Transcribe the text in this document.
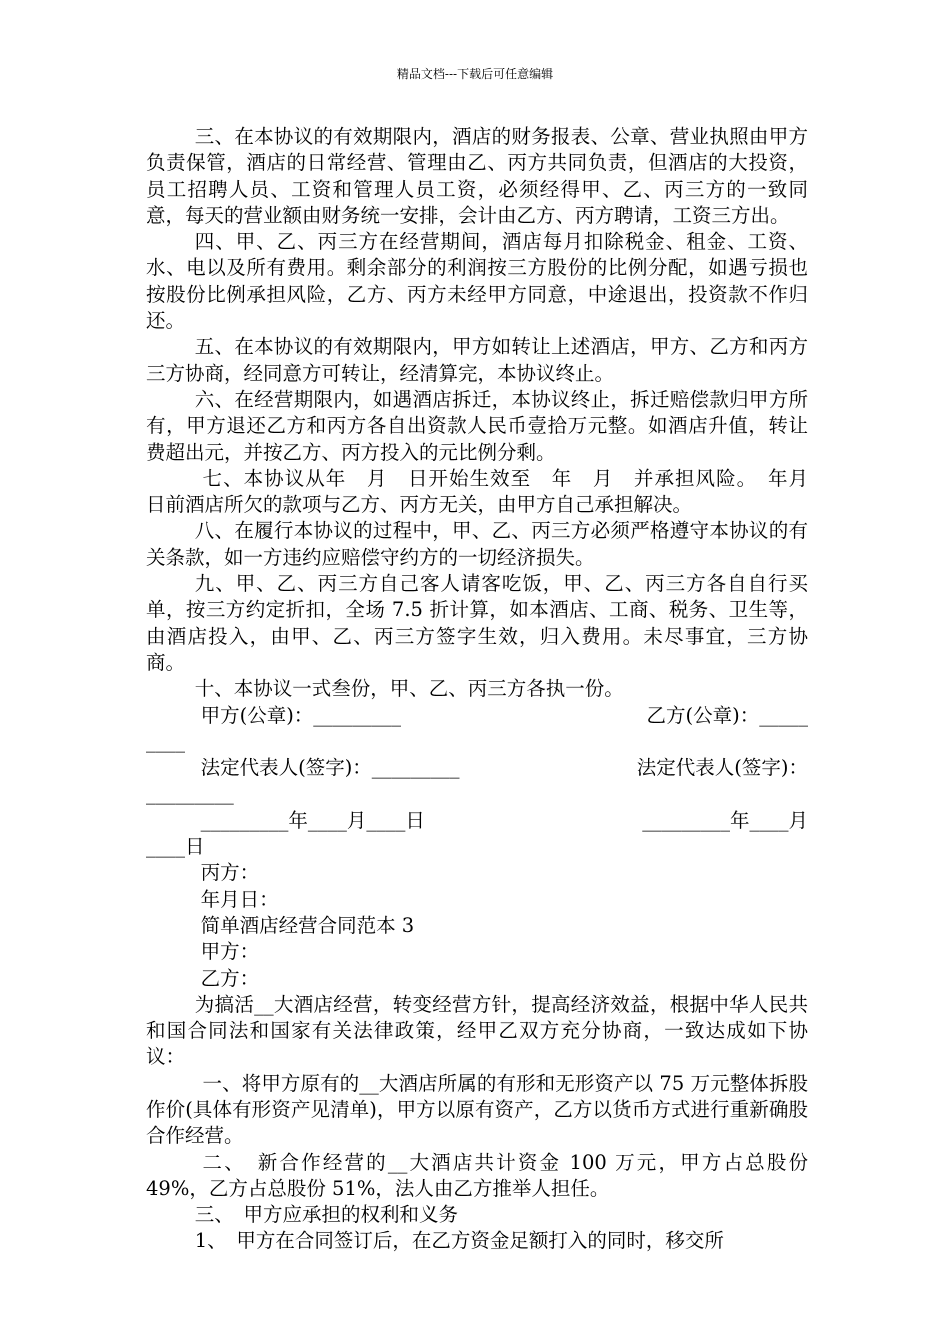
精品文档---下载后可任意编辑

三、在本协议的有效期限内，酒店的财务报表、公章、营业执照由甲方负责保管，酒店的日常经营、管理由乙、丙方共同负责，但酒店的大投资，员工招聘人员、工资和管理人员工资，必须经得甲、乙、丙三方的一致同意，每天的营业额由财务统一安排，会计由乙方、丙方聘请，工资三方出。

四、甲、乙、丙三方在经营期间，酒店每月扣除税金、租金、工资、水、电以及所有费用。剩余部分的利润按三方股份的比例分配，如遇亏损也按股份比例承担风险，乙方、丙方未经甲方同意，中途退出，投资款不作归还。

五、在本协议的有效期限内，甲方如转让上述酒店，甲方、乙方和丙方三方协商，经同意方可转让，经清算完，本协议终止。

六、在经营期限内，如遇酒店拆迁，本协议终止，拆迁赔偿款归甲方所有，甲方退还乙方和丙方各自出资款人民币壹拾万元整。如酒店升值，转让费超出元，并按乙方、丙方投入的元比例分剩。

七、本协议从年　月　日开始生效至　年　月　并承担风险。　年月　日前酒店所欠的款项与乙方、丙方无关，由甲方自己承担解决。

八、在履行本协议的过程中，甲、乙、丙三方必须严格遵守本协议的有关条款，如一方违约应赔偿守约方的一切经济损失。

九、甲、乙、丙三方自己客人请客吃饭，甲、乙、丙三方各自自行买单，按三方约定折扣，全场 7.5 折计算，如本酒店、工商、税务、卫生等，由酒店投入，由甲、乙、丙三方签字生效，归入费用。未尽事宜，三方协商。

十、本协议一式叁份，甲、乙、丙三方各执一份。

甲方(公章)：_________	乙方(公章)：_____
____
法定代表人(签字)：_________	法定代表人(签字)：
_________
_________年____月____日	_________年____月
____日
丙方：
年月日：
简单酒店经营合同范本 3
甲方：
乙方：

为搞活__大酒店经营，转变经营方针，提高经济效益，根据中华人民共和国合同法和国家有关法律政策，经甲乙双方充分协商，一致达成如下协议：

一、将甲方原有的__大酒店所属的有形和无形资产以 75 万元整体拆股作价(具体有形资产见清单)，甲方以原有资产，乙方以货币方式进行重新确股合作经营。

二、　新合作经营的__大酒店共计资金 100 万元，甲方占总股份 49%，乙方占总股份 51%，法人由乙方推举人担任。

三、　甲方应承担的权利和义务

1、　甲方在合同签订后，在乙方资金足额打入的同时，移交所
